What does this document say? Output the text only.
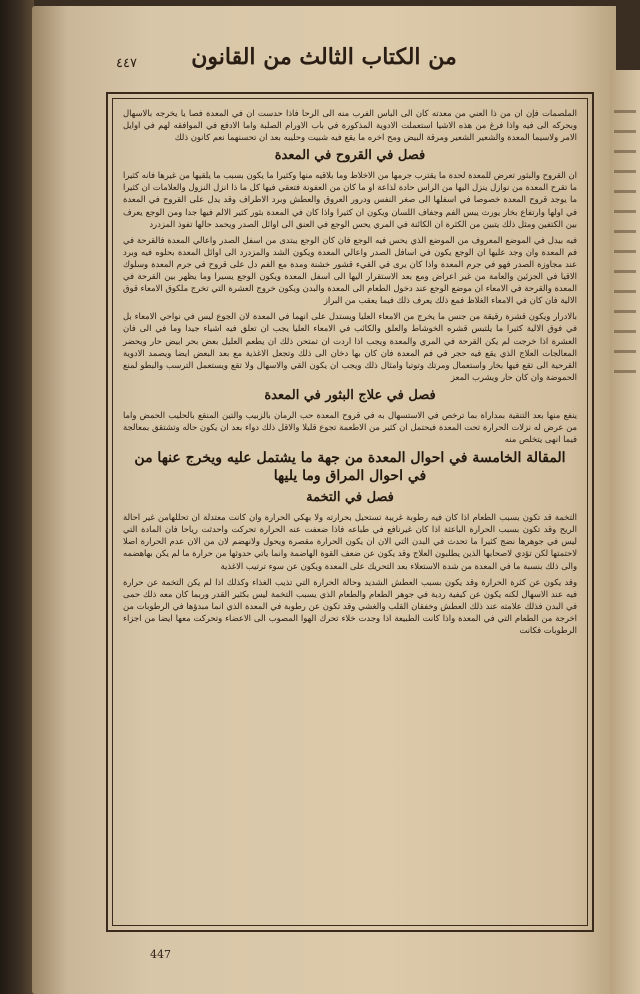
من الكتاب الثالث من القانون
٤٤٧

الملصمات فإن ان من ذا العني من معدته كان الى الباس الفرب منه الى الرحا فاذا حدست ان في المعدة فصا يا يخرجه بالاسهال وبحركه الى فيه واذا فرغ من هذه الاشيا استعملت الادوية المذكورة في باب الاورام الصلبة واما الادفع في الموافقه لهم في اوايل الامر ولاسيما المعدة والشعير الشعير ومرقة البيض ومح اخره ما يقع فيه شبيت وحليبه بعد ان تحسنهما نعم كانون ذلك

فصل في القروح في المعدة

ان القروح والبثور تعرض للمعدة لحدة ما يقترب جرمها من الاخلاط وما بلاقيه منها وكثيرا ما يكون بسبب ما يلقيها من غيرها فانه كثيرا ما تقرح المعدة من نوازل ينزل اليها من الراس حادة لذاعة او ما كان من العفونة فتعقي فيها كل ما ذا انزل النزول والعلامات ان كثيرا ما يوجد قروح المعدة خصوصا في اسفلها الى صغر النفس ودرور العروق والعطش وبرد الاطراف وقد يدل على القروح في المعدة في اولها وارتفاع بخار يورث يبس الفم وجفاف اللسان ويكون ان كثيرا واذا كان في المعدة بثور كثير الالم فيها جدا ومن الوجع يعرف بين الكتفين ومثل ذلك يتبين من الكثرة ان الكائنة في المري يحس الوجع في العنق الى اوائل الصدر ويحمد حالها تفوذ المزدرد

فيه بيدل في الموضع المعروف من الموضع الذي يحس فيه الوجع فان كان الوجع يبتدى من اسفل الصدر واعالي المعدة فالقرحة في فم المعدة وان وجد عليها ان الوجع يكون في اسافل الصدر واعالي المعدة ويكون الشد والمزدرد الى اوائل المعدة بحلوه فيه وبرد عند مجاوزة الصدر فهو في جرم المعدة واذا كان يرى في القيء قشور خشنة ومدة مع الفم دل على قروح في جرم المعدة وسلوك الاقيا في الجزئين والعامة من غير اعراض ومع بعد الاستقرار اليها الى اسفل المعدة ويكون الوجع يسيرا وما يظهر بين القرحة في المعدة والقرحة في الامعاء ان موضع الوجع عند دخول الطعام الى المعدة والبدن ويكون خروج العشرة التي تخرج ملكوق الامعاء قوق الالية فان كان في الامعاء الغلاظ فمع ذلك يعرف ذلك فيما يعقب من البراز

بالادرار ويكون قشرة رقيقة من جنس ما يخرج من الامعاء العليا ويستدل على انهما في المعدة لان الجوع ليس في نواحي الامعاء بل في فوق الالية كثيرا ما يلتبس قشره الخوشاط والعلق والكائب في الامعاء العليا يجب ان تعلق فيه اشياء جيدا وما في الى فان العشرة اذا خرجت لم يكن القرحة في المري والمعدة ويجب اذا اردت ان تمتحن ذلك ان يطعم العليل بعض بحر ابيض حار ويحضر المعالجات العلاج الذي يقع فيه حجر في فم المعدة فان كان بها دخان الى ذلك وتجعل الاغذية مع بعد البعض ايضا ويصمد الادوية القرحية الى تقع فيها بخار واستعمال ومرتك وتوتيا وامثال ذلك ويجب ان يكون القي والاسهال ولا تقع ويستعمل الترسب والبطو لمنع الحموضة وان كان حار ويشرب المعز

فصل في علاج البثور في المعدة

ينفع منها بعد التنقية بمداراة بما ترخص في الاستسهال به في قروح المعدة حب الرمان بالزبيب والتين المنقع بالحليب الحمض واما من عرض له نزلات الحرارة تحت المعدة فيحتمل ان كثير من الاطعمة تجوع قليلا والاقل ذلك دواء بعد ان يكون حاله وتشتقق بمعالجة فيما انهى يتخلص منه

المقالة الخامسة في احوال المعدة من جهة ما يشتمل عليه ويخرج عنها من في احوال المراق وما يليها
فصل في التخمة

التخمة قد تكون بسبب الطعام اذا كان فيه رطوبة غريبة تستحيل بحرارته ولا بهكي الحرارة وان كانت معتدلة ان تحللهامن غير احالة الريح وقد تكون بسبب الحرارة الباعثة اذا كان غيرنافع في طباعه فاذا ضعفت عنه الحرارة تحركت واحدثت رياحا فان المادة التي ليس في جوهرها نضج كثيرا ما تحدث في البدن التي الان ان يكون الحرارة مقصرة ويحول ولانهضم لان من الان عدم الحرارة اصلا لاحتمتها لكن تؤدي لاصحابها الذين يطلبون العلاج وقد يكون عن ضعف القوة الهاضمة وانما ياتي حدوثها من حرارة ما لم يكن بهاهضمه والى ذلك بنسبة ما في المعدة من شدة الاستعلاء بعد التحريك على المعدة ويكون عن سوء ترتيب الاغذية

وقد يكون عن كثرة الحرارة وقد يكون بسبب العطش الشديد وحالة الحرارة التي تذيب الغذاء وكذلك اذا لم يكن التخمة عن حرارة فيه عند الاسهال لكنه يكون عن كيفية ردية في جوهر الطعام والطعام الذي يسبب التخمة ليس بكثير القدر وربما كان معه ذلك حمى في البدن فذلك علامته عند ذلك العطش وخفقان القلب والغشي وقد تكون عن رطوبة في المعدة الذي انما مبدؤها في الرطوبات من اخرجة من الطعام التي في المعدة واذا كانت الطبيعة اذا وجدت خلاء تحرك الهوا المصوب الى الاعضاء وتحركت معها ايضا من اجزاء الرطوبات فكانت

447
